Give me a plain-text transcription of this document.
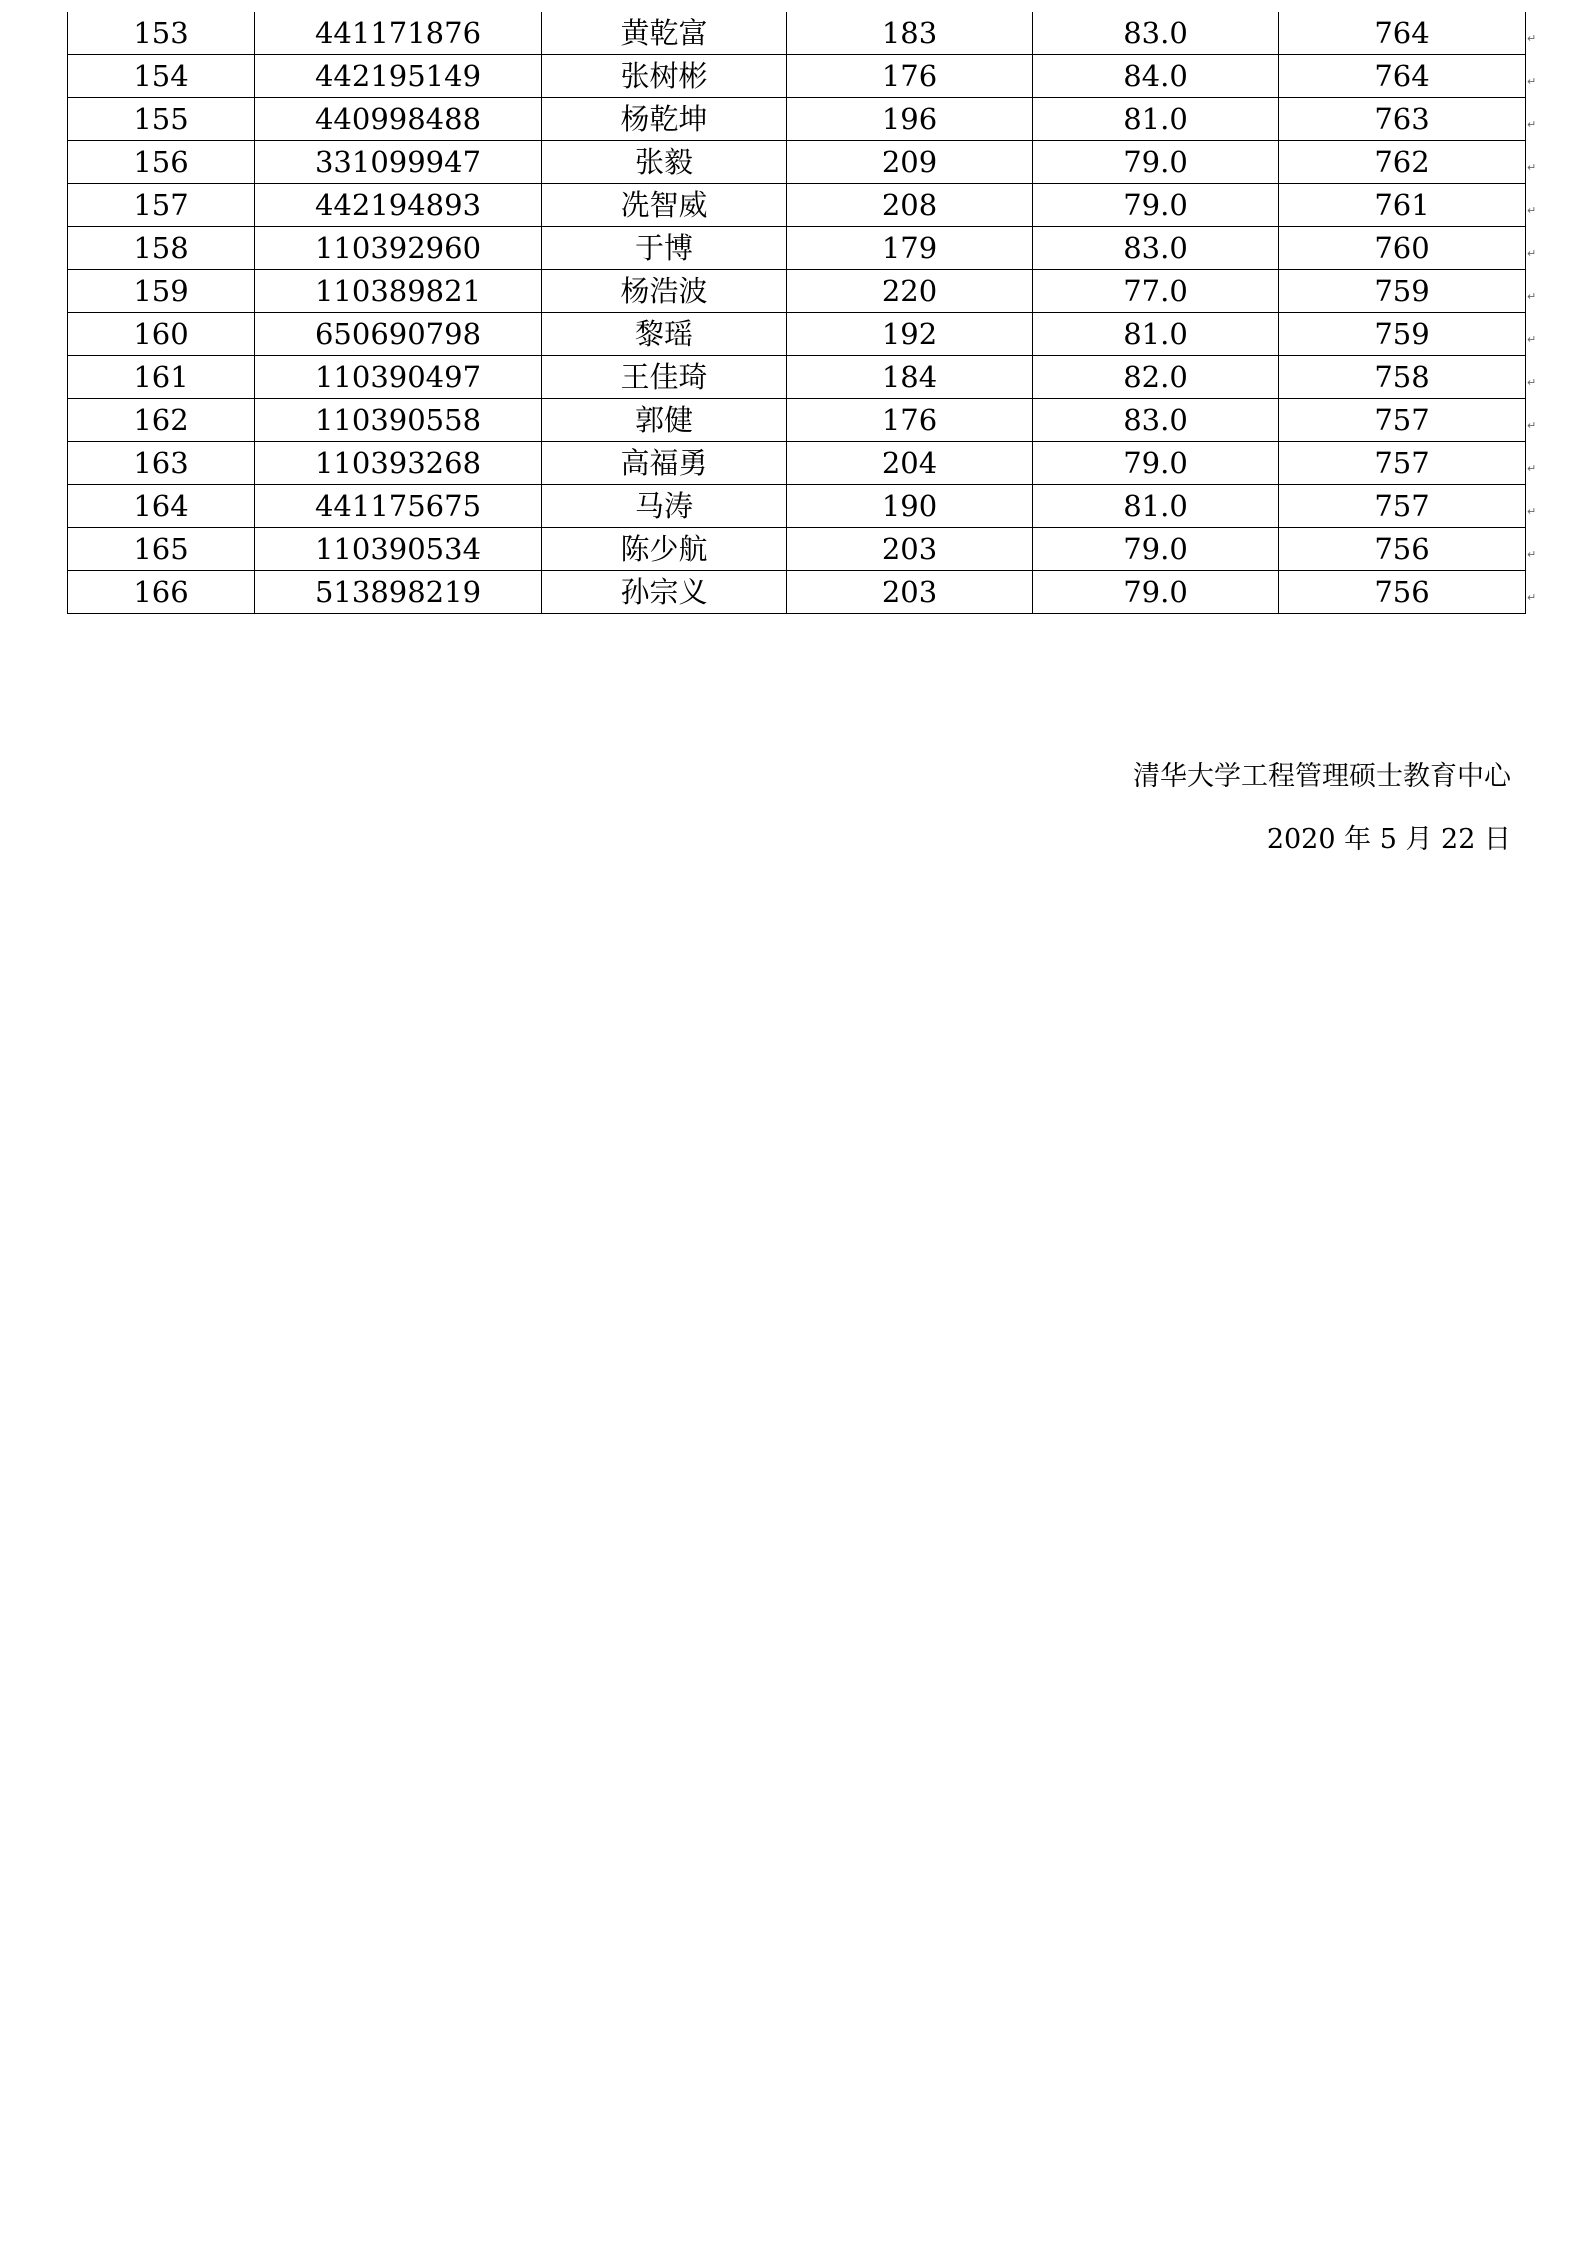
153	441171876	黄乾富	183	83.0	764
154	442195149	张树彬	176	84.0	764
155	440998488	杨乾坤	196	81.0	763
156	331099947	张毅	209	79.0	762
157	442194893	冼智威	208	79.0	761
158	110392960	于博	179	83.0	760
159	110389821	杨浩波	220	77.0	759
160	650690798	黎瑶	192	81.0	759
161	110390497	王佳琦	184	82.0	758
162	110390558	郭健	176	83.0	757
163	110393268	高福勇	204	79.0	757
164	441175675	马涛	190	81.0	757
165	110390534	陈少航	203	79.0	756
166	513898219	孙宗义	203	79.0	756
↵
↵
↵
↵
↵
↵
↵
↵
↵
↵
↵
↵
↵
↵
清华大学工程管理硕士教育中心
2020 年 5 月 22 日
